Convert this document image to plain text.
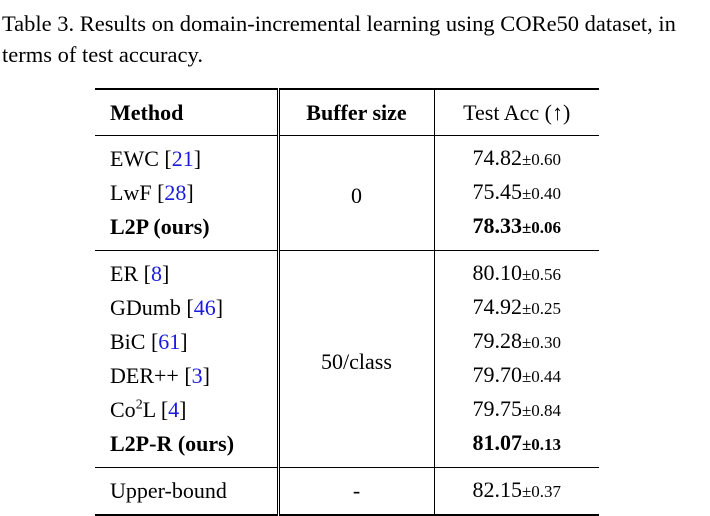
Table 3. Results on domain-incremental learning using CORe50 dataset, in terms of test accuracy.

Method	Buffer size	Test Acc (↑)
EWC [21]	0	74.82±0.60
LwF [28]		75.45±0.40
L2P (ours)		78.33±0.06
ER [8]	50/class	80.10±0.56
GDumb [46]		74.92±0.25
BiC [61]		79.28±0.30
DER++ [3]		79.70±0.44
Co$^2$L [4]		79.75±0.84
L2P-R (ours)		81.07±0.13
Upper-bound	-	82.15±0.37
